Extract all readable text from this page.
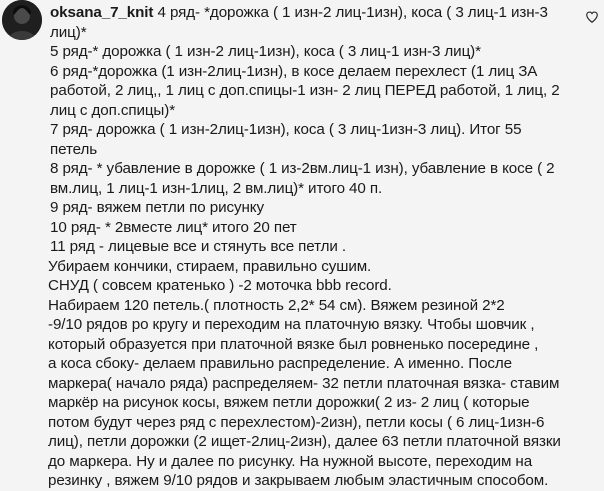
oksana_7_knit 4 ряд- *дорожка ( 1 изн-2 лиц-1изн), коса ( 3 лиц-1 изн-3
лиц)*
5 ряд-* дорожка ( 1 изн-2 лиц-1изн), коса ( 3 лиц-1 изн-3 лиц)*
6 ряд-*дорожка (1 изн-2лиц-1изн), в косе делаем перехлест (1 лиц ЗА
работой, 2 лиц,, 1 лиц с доп.спицы-1 изн- 2 лиц ПЕРЕД работой, 1 лиц, 2
лиц с доп.спицы)*
7 ряд- дорожка ( 1 изн-2лиц-1изн), коса ( 3 лиц-1изн-3 лиц). Итог 55
петель
8 ряд- * убавление в дорожке ( 1 из-2вм.лиц-1 изн), убавление в косе ( 2
вм.лиц, 1 лиц-1 изн-1лиц, 2 вм.лиц)* итого 40 п.
9 ряд- вяжем петли по рисунку
10 ряд- * 2вместе лиц* итого 20 пет
11 ряд - лицевые все и стянуть все петли .
Убираем кончики, стираем, правильно сушим.
СНУД ( совсем кратенько ) -2 моточка bbb record.
Набираем 120 петель.( плотность 2,2* 54 см). Вяжем резиной 2*2
-9/10 рядов ро кругу и переходим на платочную вязку. Чтобы шовчик ,
который образуется при платочной вязке был ровненько посередине ,
а коса сбоку- делаем правильно распределение. А именно. После
маркера( начало ряда) распределяем- 32 петли платочная вязка- ставим
маркёр на рисунок косы, вяжем петли дорожки( 2 из- 2 лиц ( которые
потом будут через ряд с перехлестом)-2изн), петли косы ( 6 лиц-1изн-6
лиц), петли дорожки (2 ищет-2лиц-2изн), далее 63 петли платочной вязки
до маркера. Ну и далее по рисунку. На нужной высоте, переходим на
резинку , вяжем 9/10 рядов и закрываем любым эластичным способом.
